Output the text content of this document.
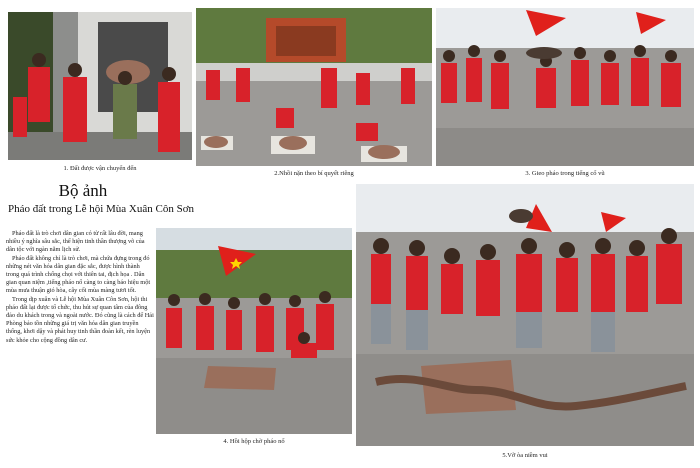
1. Đất được vận chuyển đến
2.Nhồi nặn theo bí quyết riêng	3. Gieo pháo trong tiếng cổ vũ
Bộ ảnh
Pháo đất trong Lễ hội Mùa Xuân Côn Sơn

Pháo đất là trò chơi dân gian có từ rất lâu đời, mang nhiều ý nghĩa sâu sắc, thể hiện tinh thần thượng võ của dân tộc với ngàn năm lịch sử.

Pháo đất không chỉ là trò chơi, mà chứa đựng trong đó những nét văn hóa dân gian đặc sắc, được hình thành trong quá trình chống chọi với thiên tai, địch họa . Dân gian quan niệm ,tiếng pháo nổ càng to càng báo hiệu một mùa mưa thuận gió hòa, cây cối mùa màng tươi tốt.

Trong dịp xuân và Lễ hội Mùa Xuân Côn Sơn, hội thi pháo đất lại được tổ chức, thu hút sự quan tâm của đông đảo du khách trong và ngoài nước. Đó cũng là cách để Hải Phòng bảo tồn những giá trị văn hóa dân gian truyền thống, khơi dậy và phát huy tinh thần đoàn kết, rèn luyện sức khỏe cho cộng đồng dân cư.

4. Hồi hộp chờ pháo nổ
5.Vỡ òa niềm vui
